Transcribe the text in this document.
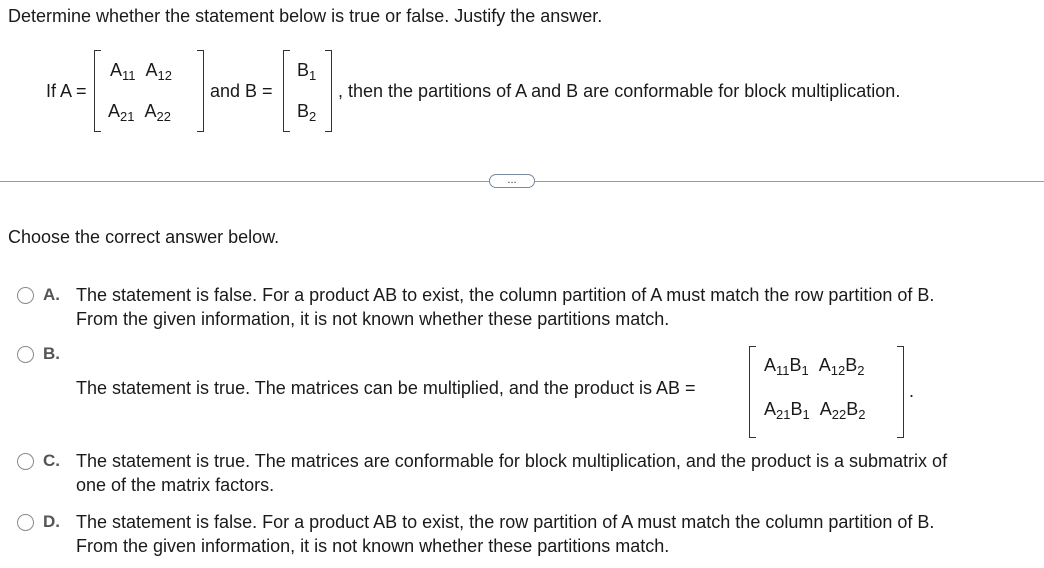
Determine whether the statement below is true or false. Justify the answer.
If A =
$A_{11}$  $A_{12}$
$A_{21}$  $A_{22}$
and B =
$B_1$
$B_2$
, then the partitions of A and B are conformable for block multiplication.
...
Choose the correct answer below.
A. The statement is false. For a product AB to exist, the column partition of A must match the row partition of B.
From the given information, it is not known whether these partitions match.
B.
The statement is true. The matrices can be multiplied, and the product is AB =
$A_{11}B_1$  $A_{12}B_2$
$A_{21}B_1$  $A_{22}B_2$
.
C. The statement is true. The matrices are conformable for block multiplication, and the product is a submatrix of
one of the matrix factors.
D. The statement is false. For a product AB to exist, the row partition of A must match the column partition of B.
From the given information, it is not known whether these partitions match.
